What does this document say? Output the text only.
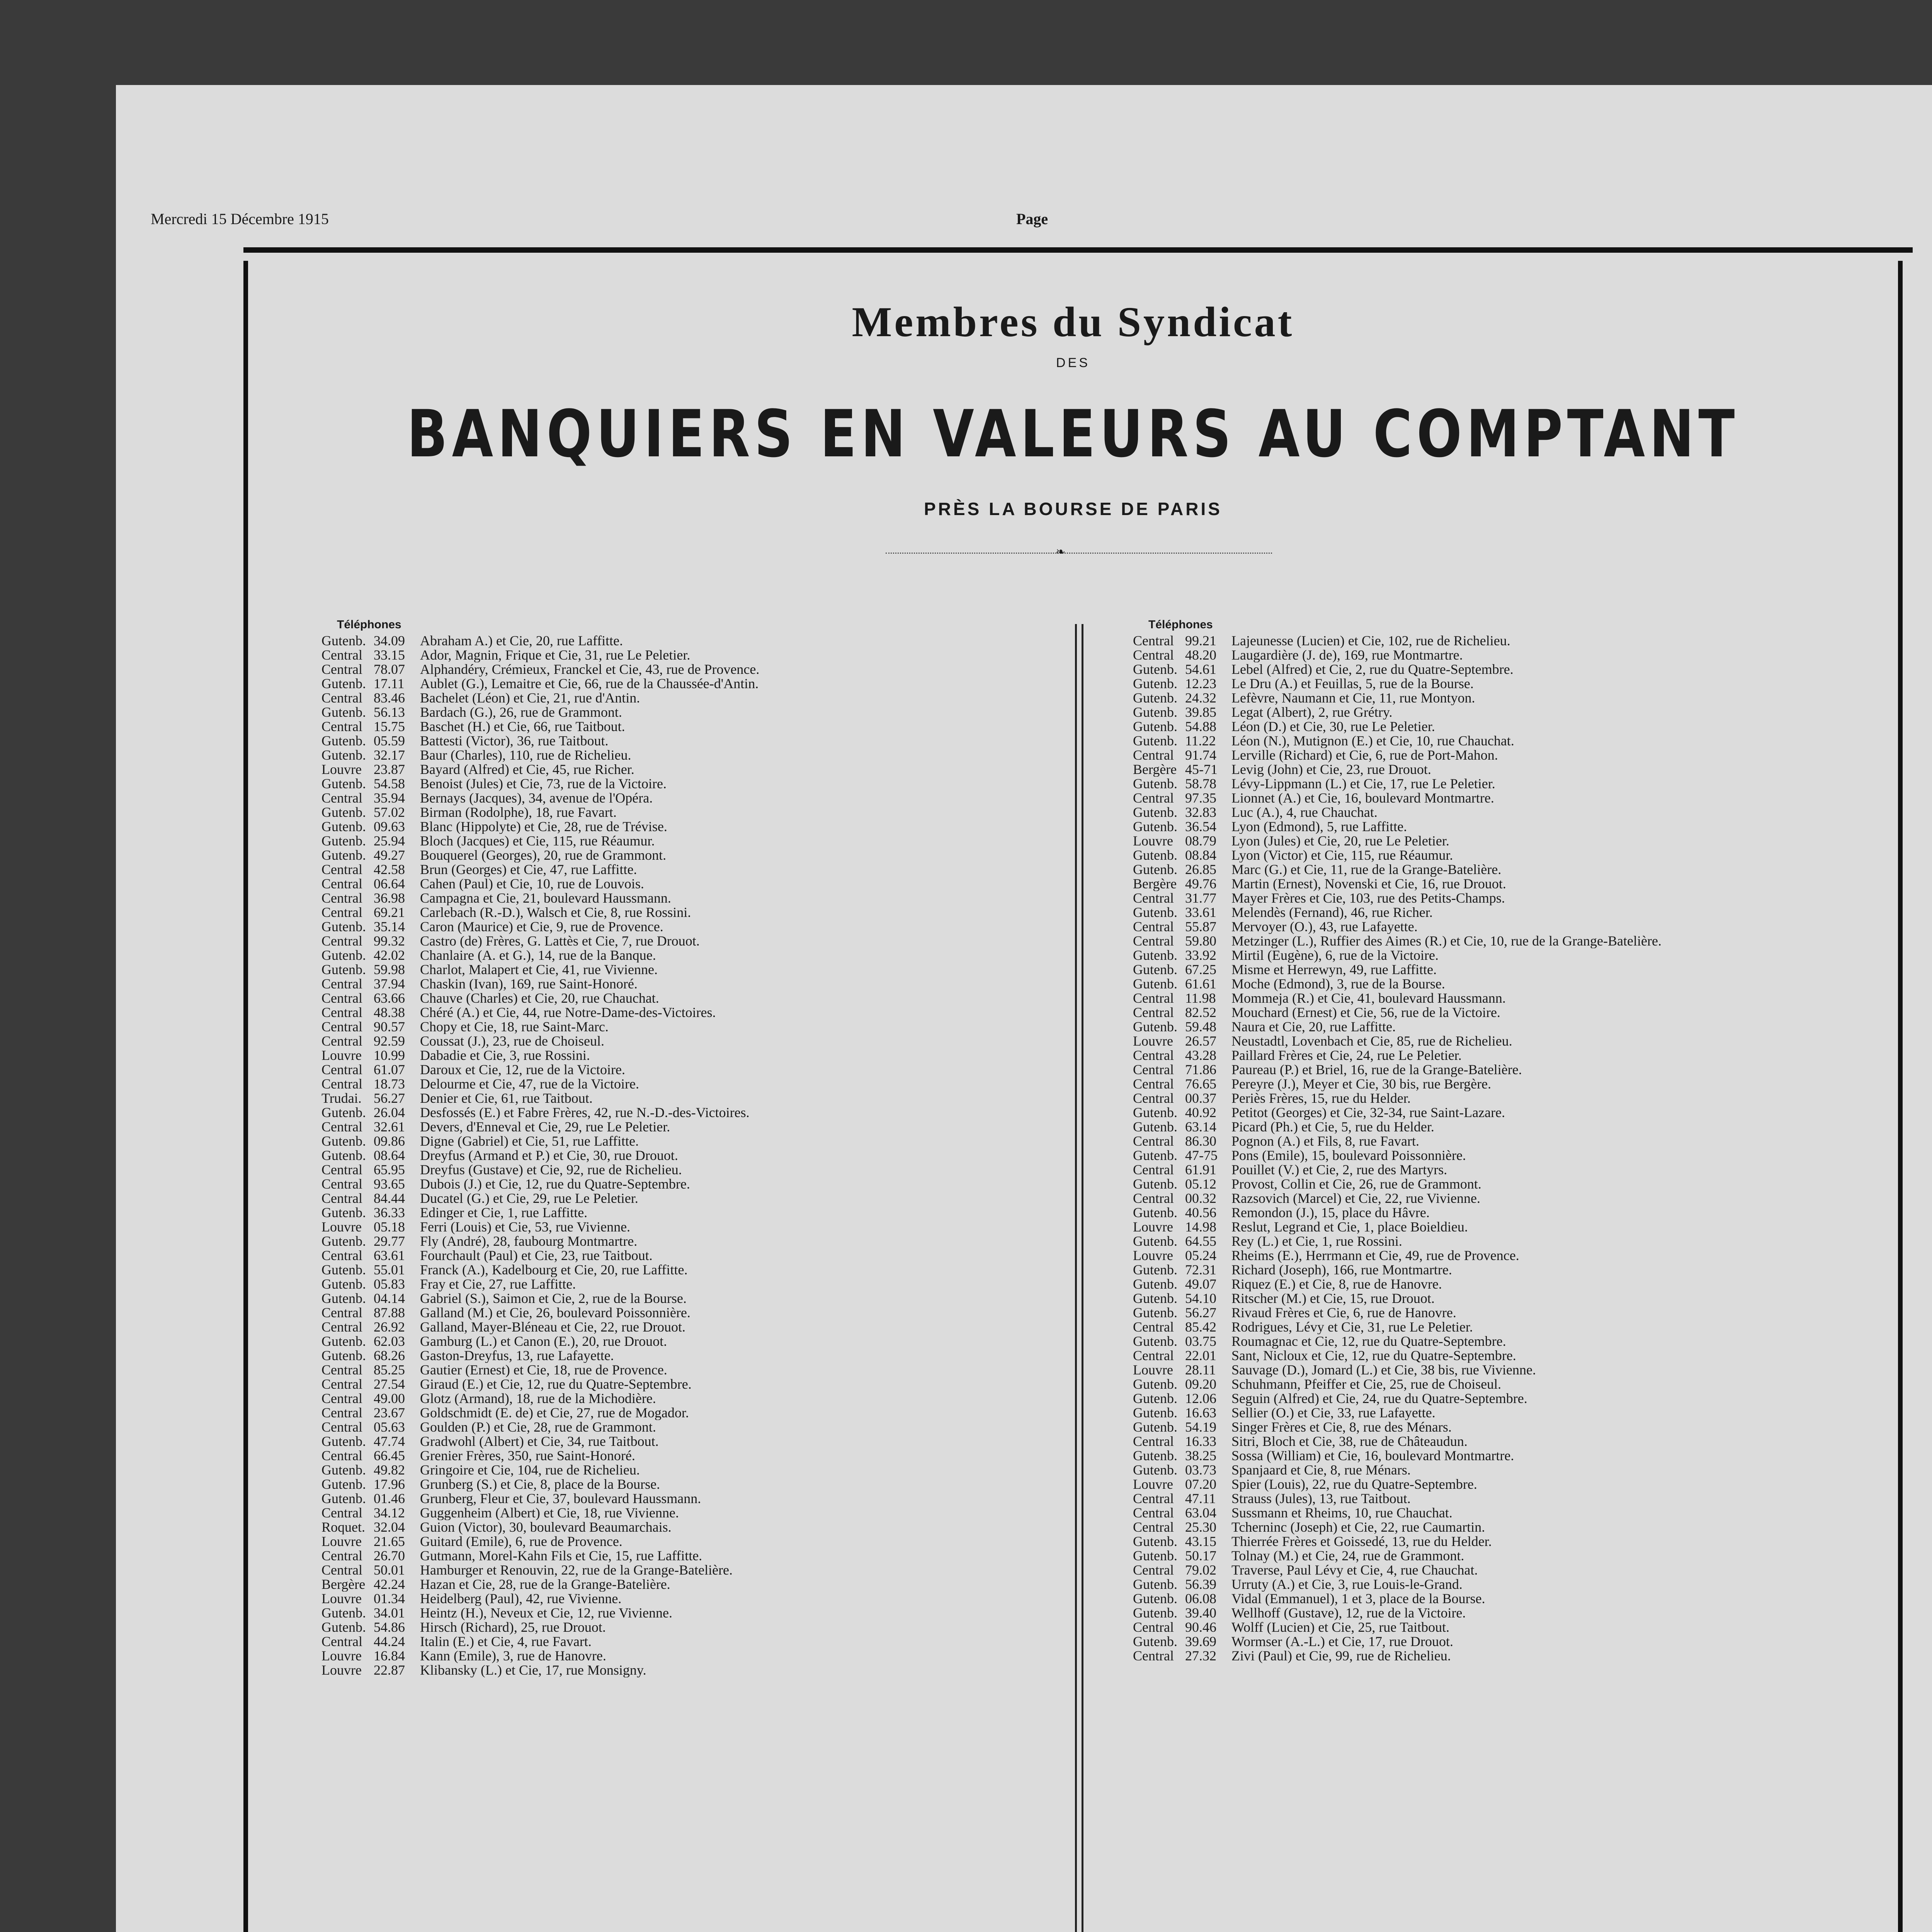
Mercredi 15 Décembre 1915	Page
Membres du Syndicat
DES
BANQUIERS EN VALEURS AU COMPTANT
PRÈS LA BOURSE DE PARIS
❧
Téléphones
Gutenb. 34.09	Abraham A.) et Cie, 20, rue Laffitte.
Central 33.15	Ador, Magnin, Frique et Cie, 31, rue Le Peletier.
Central 78.07	Alphandéry, Crémieux, Franckel et Cie, 43, rue de Provence.
Gutenb. 17.11	Aublet (G.), Lemaitre et Cie, 66, rue de la Chaussée-d'Antin.
Central 83.46	Bachelet (Léon) et Cie, 21, rue d'Antin.
Gutenb. 56.13	Bardach (G.), 26, rue de Grammont.
Central 15.75	Baschet (H.) et Cie, 66, rue Taitbout.
Gutenb. 05.59	Battesti (Victor), 36, rue Taitbout.
Gutenb. 32.17	Baur (Charles), 110, rue de Richelieu.
Louvre 23.87	Bayard (Alfred) et Cie, 45, rue Richer.
Gutenb. 54.58	Benoist (Jules) et Cie, 73, rue de la Victoire.
Central 35.94	Bernays (Jacques), 34, avenue de l'Opéra.
Gutenb. 57.02	Birman (Rodolphe), 18, rue Favart.
Gutenb. 09.63	Blanc (Hippolyte) et Cie, 28, rue de Trévise.
Gutenb. 25.94	Bloch (Jacques) et Cie, 115, rue Réaumur.
Gutenb. 49.27	Bouquerel (Georges), 20, rue de Grammont.
Central 42.58	Brun (Georges) et Cie, 47, rue Laffitte.
Central 06.64	Cahen (Paul) et Cie, 10, rue de Louvois.
Central 36.98	Campagna et Cie, 21, boulevard Haussmann.
Central 69.21	Carlebach (R.-D.), Walsch et Cie, 8, rue Rossini.
Gutenb. 35.14	Caron (Maurice) et Cie, 9, rue de Provence.
Central 99.32	Castro (de) Frères, G. Lattès et Cie, 7, rue Drouot.
Gutenb. 42.02	Chanlaire (A. et G.), 14, rue de la Banque.
Gutenb. 59.98	Charlot, Malapert et Cie, 41, rue Vivienne.
Central 37.94	Chaskin (Ivan), 169, rue Saint-Honoré.
Central 63.66	Chauve (Charles) et Cie, 20, rue Chauchat.
Central 48.38	Chéré (A.) et Cie, 44, rue Notre-Dame-des-Victoires.
Central 90.57	Chopy et Cie, 18, rue Saint-Marc.
Central 92.59	Coussat (J.), 23, rue de Choiseul.
Louvre 10.99	Dabadie et Cie, 3, rue Rossini.
Central 61.07	Daroux et Cie, 12, rue de la Victoire.
Central 18.73	Delourme et Cie, 47, rue de la Victoire.
Trudai. 56.27	Denier et Cie, 61, rue Taitbout.
Gutenb. 26.04	Desfossés (E.) et Fabre Frères, 42, rue N.-D.-des-Victoires.
Central 32.61	Devers, d'Enneval et Cie, 29, rue Le Peletier.
Gutenb. 09.86	Digne (Gabriel) et Cie, 51, rue Laffitte.
Gutenb. 08.64	Dreyfus (Armand et P.) et Cie, 30, rue Drouot.
Central 65.95	Dreyfus (Gustave) et Cie, 92, rue de Richelieu.
Central 93.65	Dubois (J.) et Cie, 12, rue du Quatre-Septembre.
Central 84.44	Ducatel (G.) et Cie, 29, rue Le Peletier.
Gutenb. 36.33	Edinger et Cie, 1, rue Laffitte.
Louvre 05.18	Ferri (Louis) et Cie, 53, rue Vivienne.
Gutenb. 29.77	Fly (André), 28, faubourg Montmartre.
Central 63.61	Fourchault (Paul) et Cie, 23, rue Taitbout.
Gutenb. 55.01	Franck (A.), Kadelbourg et Cie, 20, rue Laffitte.
Gutenb. 05.83	Fray et Cie, 27, rue Laffitte.
Gutenb. 04.14	Gabriel (S.), Saimon et Cie, 2, rue de la Bourse.
Central 87.88	Galland (M.) et Cie, 26, boulevard Poissonnière.
Central 26.92	Galland, Mayer-Bléneau et Cie, 22, rue Drouot.
Gutenb. 62.03	Gamburg (L.) et Canon (E.), 20, rue Drouot.
Gutenb. 68.26	Gaston-Dreyfus, 13, rue Lafayette.
Central 85.25	Gautier (Ernest) et Cie, 18, rue de Provence.
Central 27.54	Giraud (E.) et Cie, 12, rue du Quatre-Septembre.
Central 49.00	Glotz (Armand), 18, rue de la Michodière.
Central 23.67	Goldschmidt (E. de) et Cie, 27, rue de Mogador.
Central 05.63	Goulden (P.) et Cie, 28, rue de Grammont.
Gutenb. 47.74	Gradwohl (Albert) et Cie, 34, rue Taitbout.
Central 66.45	Grenier Frères, 350, rue Saint-Honoré.
Gutenb. 49.82	Gringoire et Cie, 104, rue de Richelieu.
Gutenb. 17.96	Grunberg (S.) et Cie, 8, place de la Bourse.
Gutenb. 01.46	Grunberg, Fleur et Cie, 37, boulevard Haussmann.
Central 34.12	Guggenheim (Albert) et Cie, 18, rue Vivienne.
Roquet. 32.04	Guion (Victor), 30, boulevard Beaumarchais.
Louvre 21.65	Guitard (Emile), 6, rue de Provence.
Central 26.70	Gutmann, Morel-Kahn Fils et Cie, 15, rue Laffitte.
Central 50.01	Hamburger et Renouvin, 22, rue de la Grange-Batelière.
Bergère 42.24	Hazan et Cie, 28, rue de la Grange-Batelière.
Louvre 01.34	Heidelberg (Paul), 42, rue Vivienne.
Gutenb. 34.01	Heintz (H.), Neveux et Cie, 12, rue Vivienne.
Gutenb. 54.86	Hirsch (Richard), 25, rue Drouot.
Central 44.24	Italin (E.) et Cie, 4, rue Favart.
Louvre 16.84	Kann (Emile), 3, rue de Hanovre.
Louvre 22.87	Klibansky (L.) et Cie, 17, rue Monsigny.
Téléphones
Central 99.21	Lajeunesse (Lucien) et Cie, 102, rue de Richelieu.
Central 48.20	Laugardière (J. de), 169, rue Montmartre.
Gutenb. 54.61	Lebel (Alfred) et Cie, 2, rue du Quatre-Septembre.
Gutenb. 12.23	Le Dru (A.) et Feuillas, 5, rue de la Bourse.
Gutenb. 24.32	Lefèvre, Naumann et Cie, 11, rue Montyon.
Gutenb. 39.85	Legat (Albert), 2, rue Grétry.
Gutenb. 54.88	Léon (D.) et Cie, 30, rue Le Peletier.
Gutenb. 11.22	Léon (N.), Mutignon (E.) et Cie, 10, rue Chauchat.
Central 91.74	Lerville (Richard) et Cie, 6, rue de Port-Mahon.
Bergère 45-71	Levig (John) et Cie, 23, rue Drouot.
Gutenb. 58.78	Lévy-Lippmann (L.) et Cie, 17, rue Le Peletier.
Central 97.35	Lionnet (A.) et Cie, 16, boulevard Montmartre.
Gutenb. 32.83	Luc (A.), 4, rue Chauchat.
Gutenb. 36.54	Lyon (Edmond), 5, rue Laffitte.
Louvre 08.79	Lyon (Jules) et Cie, 20, rue Le Peletier.
Gutenb. 08.84	Lyon (Victor) et Cie, 115, rue Réaumur.
Gutenb. 26.85	Marc (G.) et Cie, 11, rue de la Grange-Batelière.
Bergère 49.76	Martin (Ernest), Novenski et Cie, 16, rue Drouot.
Central 31.77	Mayer Frères et Cie, 103, rue des Petits-Champs.
Gutenb. 33.61	Melendès (Fernand), 46, rue Richer.
Central 55.87	Mervoyer (O.), 43, rue Lafayette.
Central 59.80	Metzinger (L.), Ruffier des Aimes (R.) et Cie, 10, rue de la Grange-Batelière.
Gutenb. 33.92	Mirtil (Eugène), 6, rue de la Victoire.
Gutenb. 67.25	Misme et Herrewyn, 49, rue Laffitte.
Gutenb. 61.61	Moche (Edmond), 3, rue de la Bourse.
Central 11.98	Mommeja (R.) et Cie, 41, boulevard Haussmann.
Central 82.52	Mouchard (Ernest) et Cie, 56, rue de la Victoire.
Gutenb. 59.48	Naura et Cie, 20, rue Laffitte.
Louvre 26.57	Neustadtl, Lovenbach et Cie, 85, rue de Richelieu.
Central 43.28	Paillard Frères et Cie, 24, rue Le Peletier.
Central 71.86	Paureau (P.) et Briel, 16, rue de la Grange-Batelière.
Central 76.65	Pereyre (J.), Meyer et Cie, 30 bis, rue Bergère.
Central 00.37	Periès Frères, 15, rue du Helder.
Gutenb. 40.92	Petitot (Georges) et Cie, 32-34, rue Saint-Lazare.
Gutenb. 63.14	Picard (Ph.) et Cie, 5, rue du Helder.
Central 86.30	Pognon (A.) et Fils, 8, rue Favart.
Gutenb. 47-75	Pons (Emile), 15, boulevard Poissonnière.
Central 61.91	Pouillet (V.) et Cie, 2, rue des Martyrs.
Gutenb. 05.12	Provost, Collin et Cie, 26, rue de Grammont.
Central 00.32	Razsovich (Marcel) et Cie, 22, rue Vivienne.
Gutenb. 40.56	Remondon (J.), 15, place du Hâvre.
Louvre 14.98	Reslut, Legrand et Cie, 1, place Boieldieu.
Gutenb. 64.55	Rey (L.) et Cie, 1, rue Rossini.
Louvre 05.24	Rheims (E.), Herrmann et Cie, 49, rue de Provence.
Gutenb. 72.31	Richard (Joseph), 166, rue Montmartre.
Gutenb. 49.07	Riquez (E.) et Cie, 8, rue de Hanovre.
Gutenb. 54.10	Ritscher (M.) et Cie, 15, rue Drouot.
Gutenb. 56.27	Rivaud Frères et Cie, 6, rue de Hanovre.
Central 85.42	Rodrigues, Lévy et Cie, 31, rue Le Peletier.
Gutenb. 03.75	Roumagnac et Cie, 12, rue du Quatre-Septembre.
Central 22.01	Sant, Nicloux et Cie, 12, rue du Quatre-Septembre.
Louvre 28.11	Sauvage (D.), Jomard (L.) et Cie, 38 bis, rue Vivienne.
Gutenb. 09.20	Schuhmann, Pfeiffer et Cie, 25, rue de Choiseul.
Gutenb. 12.06	Seguin (Alfred) et Cie, 24, rue du Quatre-Septembre.
Gutenb. 16.63	Sellier (O.) et Cie, 33, rue Lafayette.
Gutenb. 54.19	Singer Frères et Cie, 8, rue des Ménars.
Central 16.33	Sitri, Bloch et Cie, 38, rue de Châteaudun.
Gutenb. 38.25	Sossa (William) et Cie, 16, boulevard Montmartre.
Gutenb. 03.73	Spanjaard et Cie, 8, rue Ménars.
Louvre 07.20	Spier (Louis), 22, rue du Quatre-Septembre.
Central 47.11	Strauss (Jules), 13, rue Taitbout.
Central 63.04	Sussmann et Rheims, 10, rue Chauchat.
Central 25.30	Tcherninc (Joseph) et Cie, 22, rue Caumartin.
Gutenb. 43.15	Thierrée Frères et Goissedé, 13, rue du Helder.
Gutenb. 50.17	Tolnay (M.) et Cie, 24, rue de Grammont.
Central 79.02	Traverse, Paul Lévy et Cie, 4, rue Chauchat.
Gutenb. 56.39	Urruty (A.) et Cie, 3, rue Louis-le-Grand.
Gutenb. 06.08	Vidal (Emmanuel), 1 et 3, place de la Bourse.
Gutenb. 39.40	Wellhoff (Gustave), 12, rue de la Victoire.
Central 90.46	Wolff (Lucien) et Cie, 25, rue Taitbout.
Gutenb. 39.69	Wormser (A.-L.) et Cie, 17, rue Drouot.
Central 27.32	Zivi (Paul) et Cie, 99, rue de Richelieu.
